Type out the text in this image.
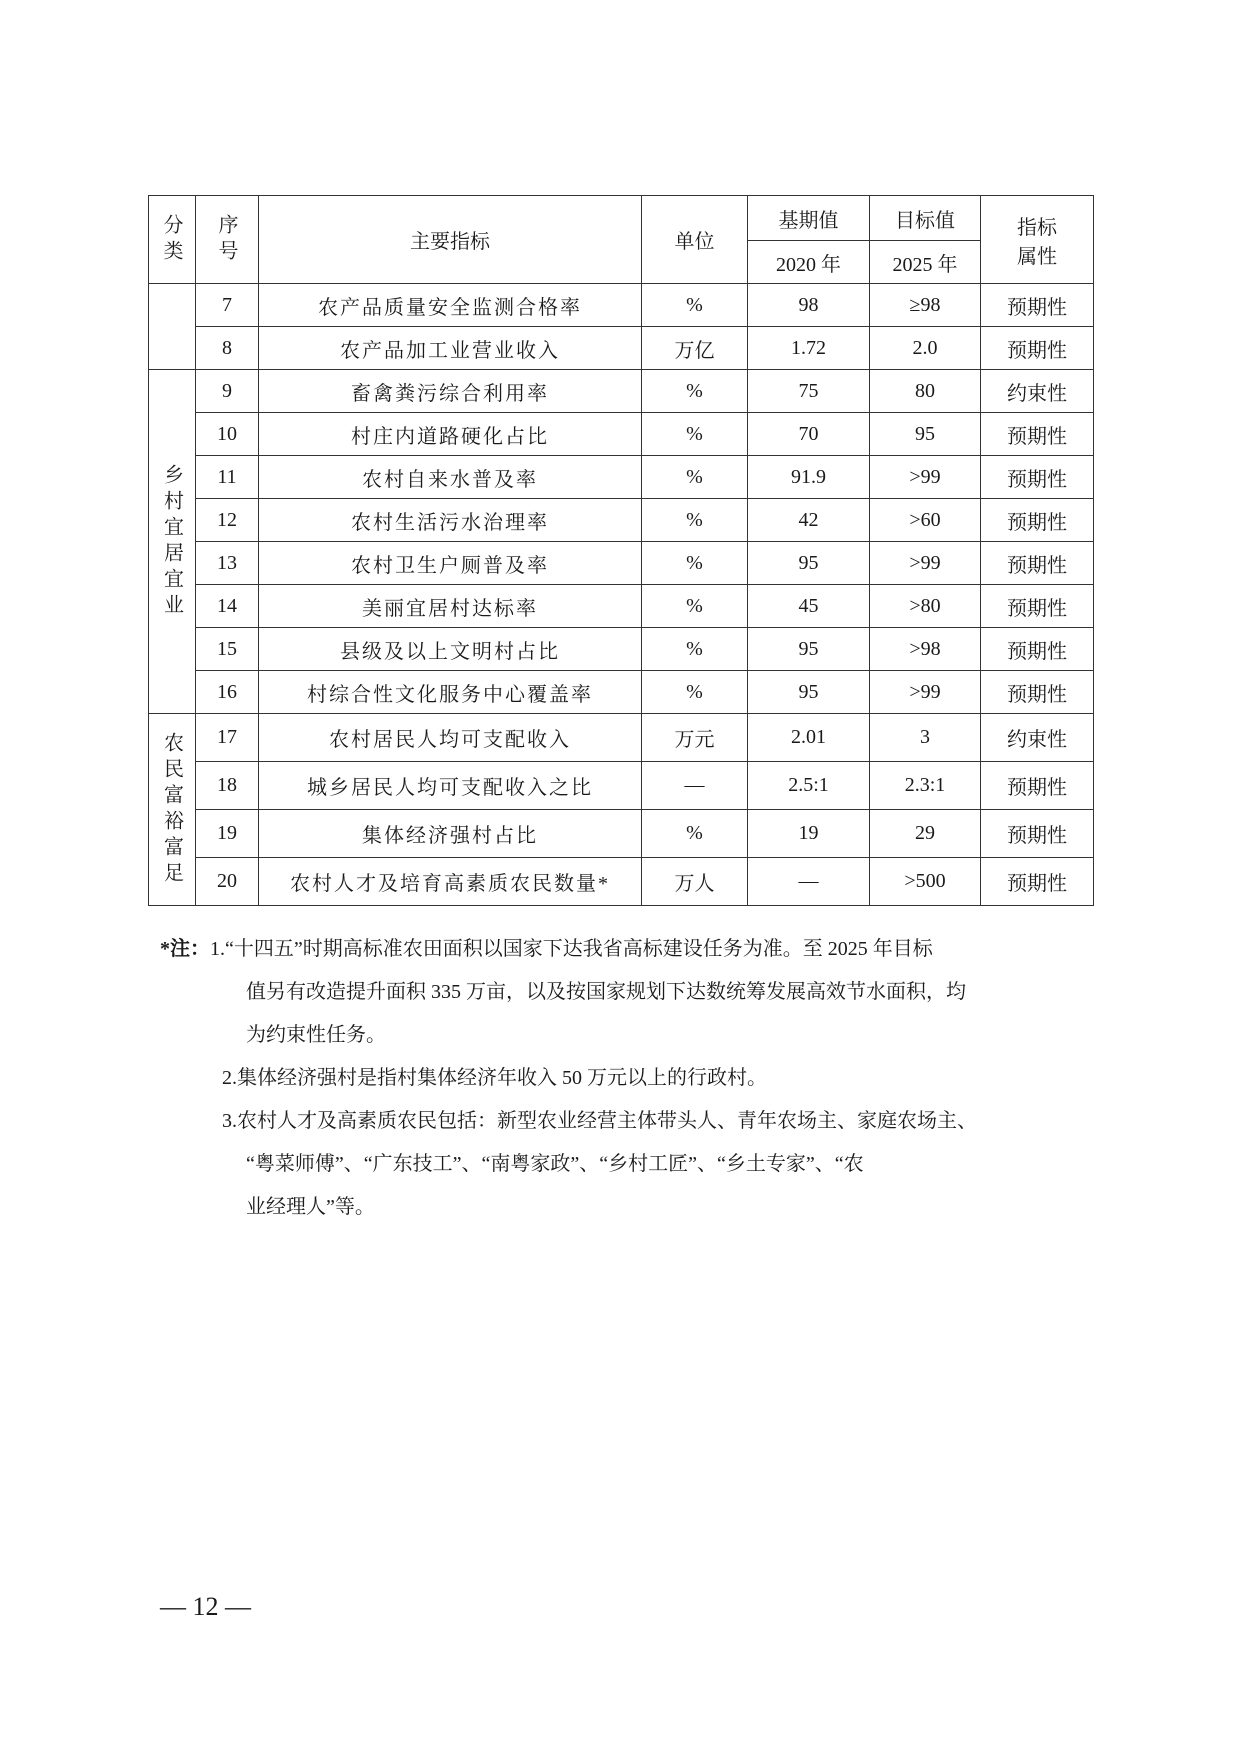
分类	序号	主要指标	单位	基期值	目标值	指标
属性

				2020 年	2025 年	

	7	农产品质量安全监测合格率	%	98	≥98	预期性
	8	农产品加工业营业收入	万亿	1.72	2.0	预期性

乡村宜居宜业	9	畜禽粪污综合利用率	%	75	80	约束性
	10	村庄内道路硬化占比	%	70	95	预期性
	11	农村自来水普及率	%	91.9	>99	预期性
	12	农村生活污水治理率	%	42	>60	预期性
	13	农村卫生户厕普及率	%	95	>99	预期性
	14	美丽宜居村达标率	%	45	>80	预期性
	15	县级及以上文明村占比	%	95	>98	预期性
	16	村综合性文化服务中心覆盖率	%	95	>99	预期性

农民富裕富足	17	农村居民人均可支配收入	万元	2.01	3	约束性
	18	城乡居民人均可支配收入之比	—	2.5:1	2.3:1	预期性
	19	集体经济强村占比	%	19	29	预期性
	20	农村人才及培育高素质农民数量*	万人	—	>500	预期性
*注：1.“十四五”时期高标准农田面积以国家下达我省高标建设任务为准。至 2025 年目标
值另有改造提升面积 335 万亩，以及按国家规划下达数统筹发展高效节水面积，均
为约束性任务。
2.集体经济强村是指村集体经济年收入 50 万元以上的行政村。
3.农村人才及高素质农民包括：新型农业经营主体带头人、青年农场主、家庭农场主、
“粤菜师傅”、“广东技工”、“南粤家政”、“乡村工匠”、“乡土专家”、“农
业经理人”等。
— 12 —
